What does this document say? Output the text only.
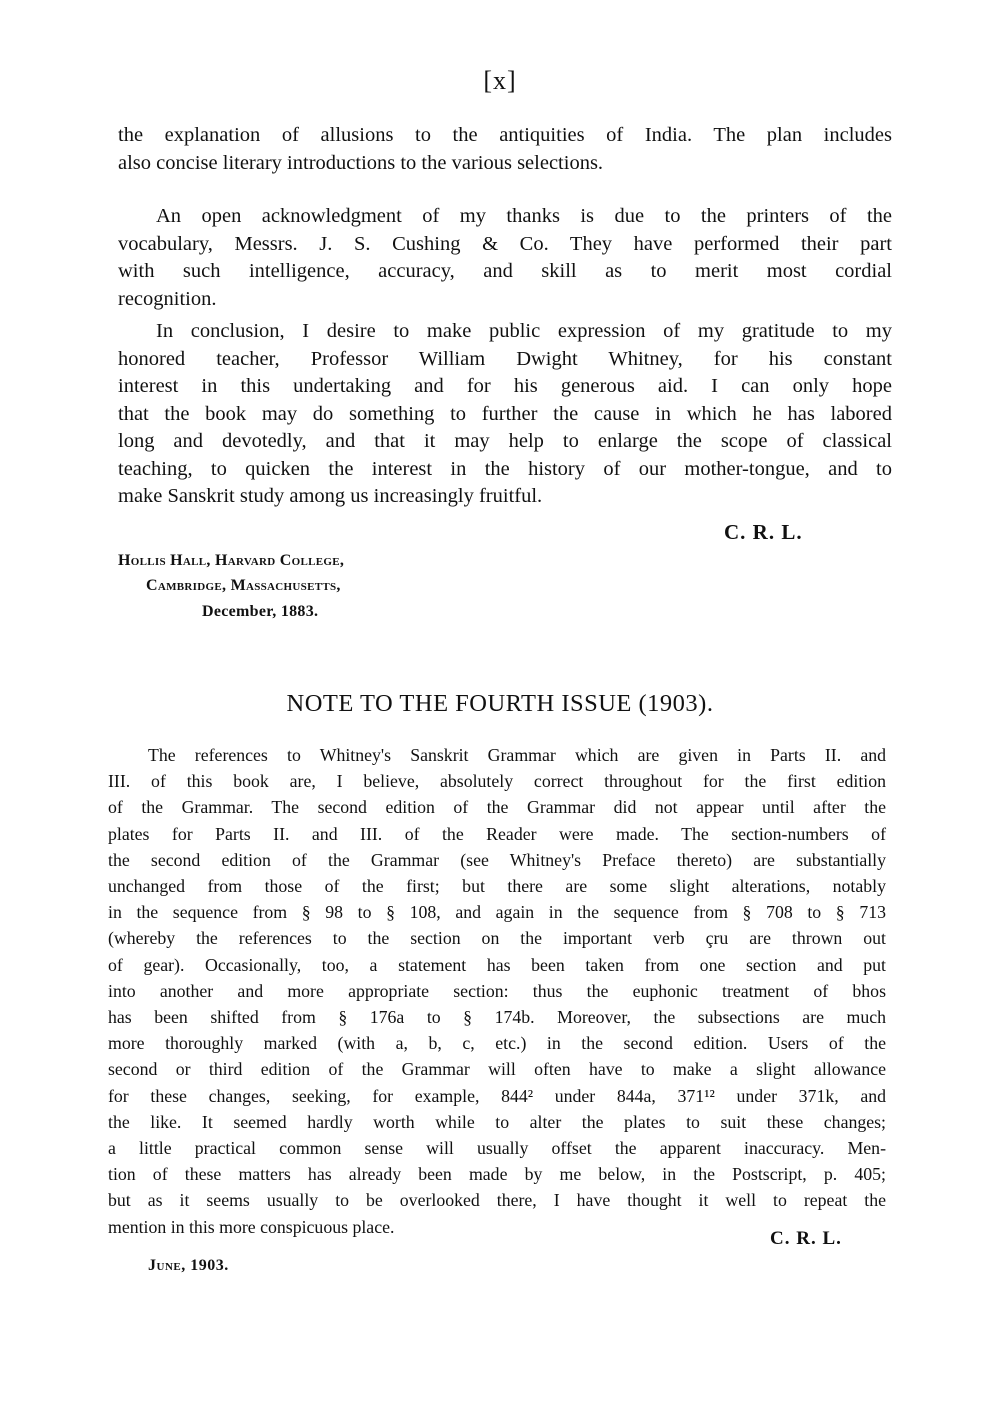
[x]
the explanation of allusions to the antiquities of India. The plan includes
also concise literary introductions to the various selections.
An open acknowledgment of my thanks is due to the printers of the
vocabulary, Messrs. J. S. Cushing & Co. They have performed their part
with such intelligence, accuracy, and skill as to merit most cordial
recognition.
In conclusion, I desire to make public expression of my gratitude to my
honored teacher, Professor William Dwight Whitney, for his constant
interest in this undertaking and for his generous aid. I can only hope
that the book may do something to further the cause in which he has labored
long and devotedly, and that it may help to enlarge the scope of classical
teaching, to quicken the interest in the history of our mother-tongue, and to
make Sanskrit study among us increasingly fruitful.
C. R. L.
Hollis Hall, Harvard College,
Cambridge, Massachusetts,
December, 1883.
NOTE TO THE FOURTH ISSUE (1903).
The references to Whitney's Sanskrit Grammar which are given in Parts II. and
III. of this book are, I believe, absolutely correct throughout for the first edition
of the Grammar. The second edition of the Grammar did not appear until after the
plates for Parts II. and III. of the Reader were made. The section-numbers of
the second edition of the Grammar (see Whitney's Preface thereto) are substantially
unchanged from those of the first; but there are some slight alterations, notably
in the sequence from § 98 to § 108, and again in the sequence from § 708 to § 713
(whereby the references to the section on the important verb çru are thrown out
of gear). Occasionally, too, a statement has been taken from one section and put
into another and more appropriate section: thus the euphonic treatment of bhos
has been shifted from § 176a to § 174b. Moreover, the subsections are much
more thoroughly marked (with a, b, c, etc.) in the second edition. Users of the
second or third edition of the Grammar will often have to make a slight allowance
for these changes, seeking, for example, 844² under 844a, 371¹² under 371k, and
the like. It seemed hardly worth while to alter the plates to suit these changes;
a little practical common sense will usually offset the apparent inaccuracy. Men-
tion of these matters has already been made by me below, in the Postscript, p. 405;
but as it seems usually to be overlooked there, I have thought it well to repeat the
mention in this more conspicuous place.
C. R. L.
June, 1903.
